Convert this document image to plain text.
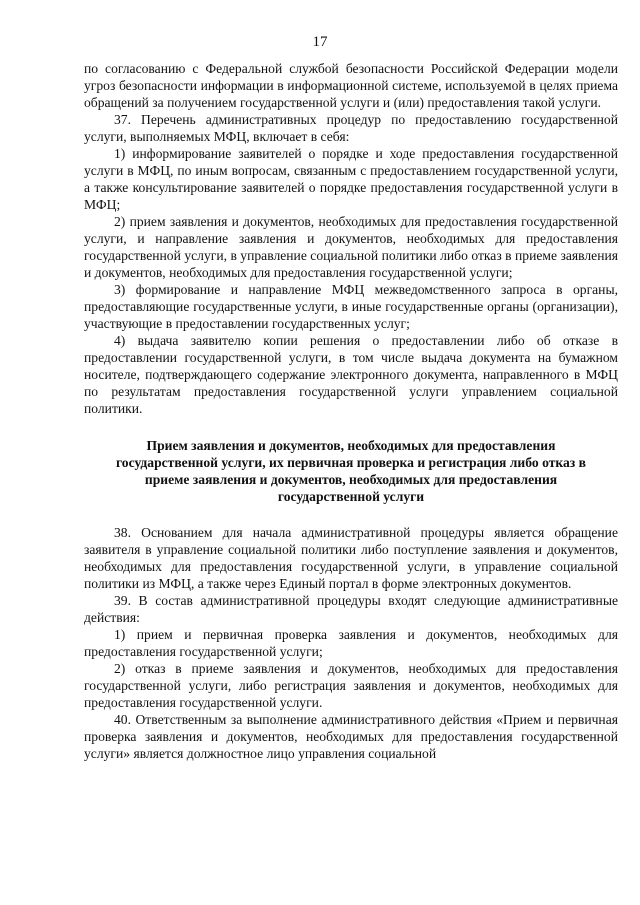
17

по согласованию с Федеральной службой безопасности Российской Федерации модели угроз безопасности информации в информационной системе, используемой в целях приема обращений за получением государственной услуги и (или) предоставления такой услуги.

37. Перечень административных процедур по предоставлению государственной услуги, выполняемых МФЦ, включает в себя:

1) информирование заявителей о порядке и ходе предоставления государственной услуги в МФЦ, по иным вопросам, связанным с предоставлением государственной услуги, а также консультирование заявителей о порядке предоставления государственной услуги в МФЦ;

2) прием заявления и документов, необходимых для предоставления государственной услуги, и направление заявления и документов, необходимых для предоставления государственной услуги, в управление социальной политики либо отказ в приеме заявления и документов, необходимых для предоставления государственной услуги;

3) формирование и направление МФЦ межведомственного запроса в органы, предоставляющие государственные услуги, в иные государственные органы (организации), участвующие в предоставлении государственных услуг;

4) выдача заявителю копии решения о предоставлении либо об отказе в предоставлении государственной услуги, в том числе выдача документа на бумажном носителе, подтверждающего содержание электронного документа, направленного в МФЦ по результатам предоставления государственной услуги управлением социальной политики.

Прием заявления и документов, необходимых для предоставления государственной услуги, их первичная проверка и регистрация либо отказ в приеме заявления и документов, необходимых для предоставления государственной услуги

38. Основанием для начала административной процедуры является обращение заявителя в управление социальной политики либо поступление заявления и документов, необходимых для предоставления государственной услуги, в управление социальной политики из МФЦ, а также через Единый портал в форме электронных документов.

39. В состав административной процедуры входят следующие административные действия:

1) прием и первичная проверка заявления и документов, необходимых для предоставления государственной услуги;

2) отказ в приеме заявления и документов, необходимых для предоставления государственной услуги, либо регистрация заявления и документов, необходимых для предоставления государственной услуги.

40. Ответственным за выполнение административного действия «Прием и первичная проверка заявления и документов, необходимых для предоставления государственной услуги» является должностное лицо управления социальной
